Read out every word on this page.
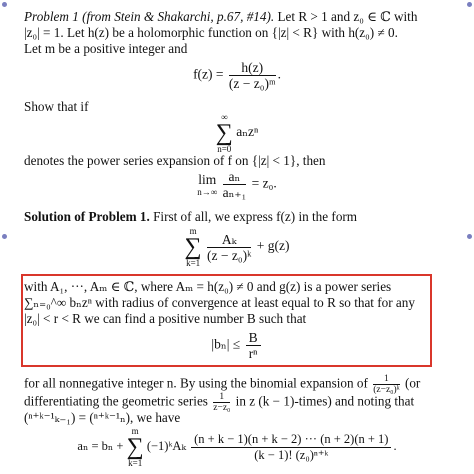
Problem 1 (from Stein & Shakarchi, p.67, #14). Let R > 1 and z₀ ∈ ℂ with
|z₀| = 1. Let h(z) be a holomorphic function on {|z| < R} with h(z₀) ≠ 0.
Let m be a positive integer and
$f(z) = \frac{h(z)}{\text{(z − z₀)ᵐ}}$ .
Show that if
∞
∑
n=0
aₙzⁿ
denotes the power series expansion of f on {|z| < 1}, then
lim
n→∞
$\frac{\text{aₙ}}{\text{aₙ₊₁}} = z_0$.
Solution of Problem 1. First of all, we express f(z) in the form
m
∑
k=1

$\frac{\text{Aₖ}}{\text{(z − z₀)ᵏ}} + g(z)$
with A₁, ···, Aₘ ∈ ℂ, where Aₘ = h(z₀) ≠ 0 and g(z) is a power series
∑ₙ₌₀^∞ bₙzⁿ with radius of convergence at least equal to R so that for any
|z₀| < r < R we can find a positive number B such that
$|b_n| \le \frac{B}{\text{rⁿ}}$
for all nonnegative integer n. By using the binomial expansion of $\frac{1}{\text{(z−z₀)ᵏ}} (or$
differentiating the geometric series $\frac{1}{\text{z−z₀}}$ in z (k − 1)-times) and noting that
(ⁿ⁺ᵏ⁻¹ₖ₋₁) = (ⁿ⁺ᵏ⁻¹ₙ), we have
aₙ = bₙ +
m
∑
k=1
(−1)ᵏAₖ $\frac{(n + k - 1)(n + k - 2) \cdot\cdot\cdot (n + 2)(n + 1)}{\text{(k − 1)! (z₀)ⁿ⁺ᵏ}}$ .
